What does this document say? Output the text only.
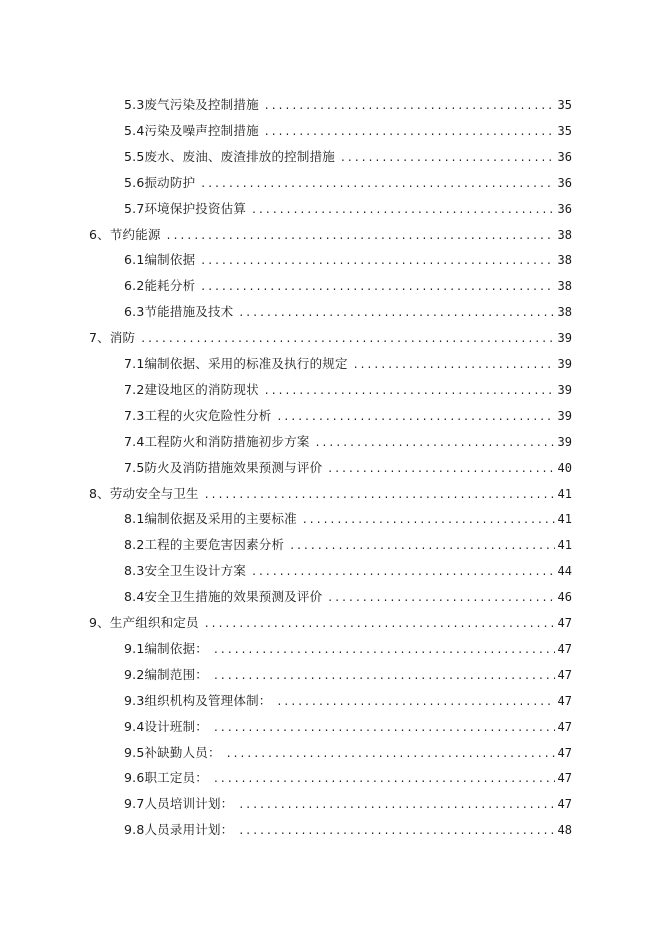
5.3废气污染及控制措施 .....	35
5.4污染及噪声控制措施 .....	35
5.5废水、废油、废渣排放的控制措施 .....	36
5.6振动防护 .....	36
5.7环境保护投资估算 .....	36
6、节约能源 .....	38
6.1编制依据 .....	38
6.2能耗分析 .....	38
6.3节能措施及技术 .....	38
7、消防 .....	39
7.1编制依据、采用的标准及执行的规定 .....	39
7.2建设地区的消防现状 .....	39
7.3工程的火灾危险性分析 .....	39
7.4工程防火和消防措施初步方案 .....	39
7.5防火及消防措施效果预测与评价 .....	40
8、劳动安全与卫生 .....	41
8.1编制依据及采用的主要标准 .....	41
8.2工程的主要危害因素分析 .....	41
8.3安全卫生设计方案 .....	44
8.4安全卫生措施的效果预测及评价 .....	46
9、生产组织和定员 .....	47
9.1编制依据： .....	47
9.2编制范围： .....	47
9.3组织机构及管理体制： .....	47
9.4设计班制： .....	47
9.5补缺勤人员： .....	47
9.6职工定员： .....	47
9.7人员培训计划： .....	47
9.8人员录用计划： .....	48
